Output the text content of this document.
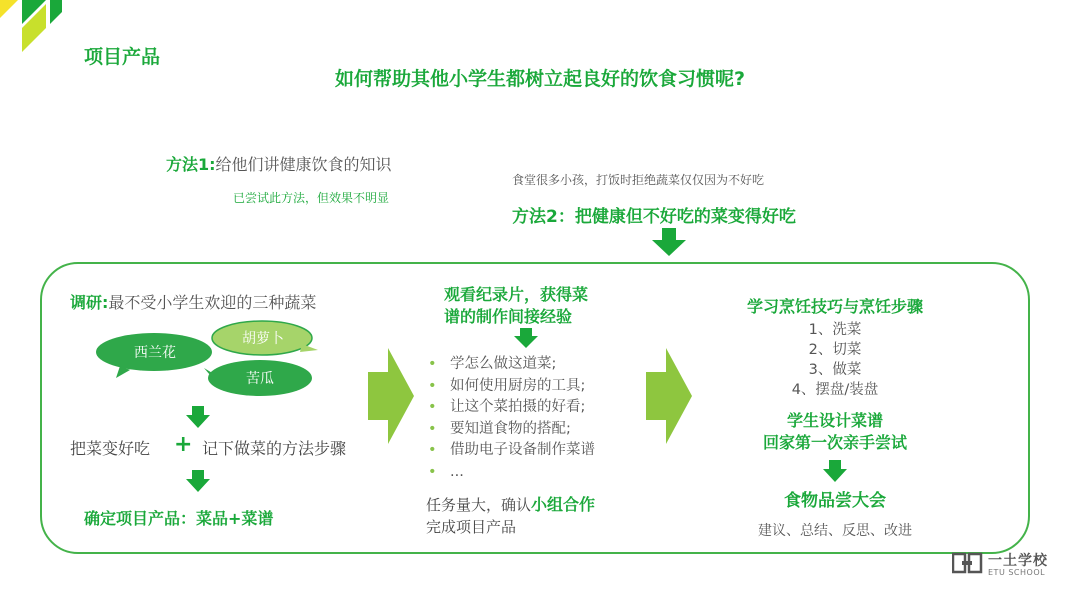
项目产品
如何帮助其他小学生都树立起良好的饮食习惯呢?
方法1:给他们讲健康饮食的知识
已尝试此方法，但效果不明显
食堂很多小孩，打饭时拒绝蔬菜仅仅因为不好吃
方法2：把健康但不好吃的菜变得好吃
调研:最不受小学生欢迎的三种蔬菜
西兰花
胡萝卜
苦瓜
把菜变好吃 + 记下做菜的方法步骤
确定项目产品：菜品+菜谱
观看纪录片，获得菜
谱的制作间接经验
• 学怎么做这道菜;
• 如何使用厨房的工具;
• 让这个菜拍摄的好看;
• 要知道食物的搭配;
• 借助电子设备制作菜谱
• ...
任务量大，确认小组合作
完成项目产品
学习烹饪技巧与烹饪步骤
1、洗菜
2、切菜
3、做菜
4、摆盘/装盘
学生设计菜谱
回家第一次亲手尝试
食物品尝大会
建议、总结、反思、改进
一土学校
ETU SCHOOL
